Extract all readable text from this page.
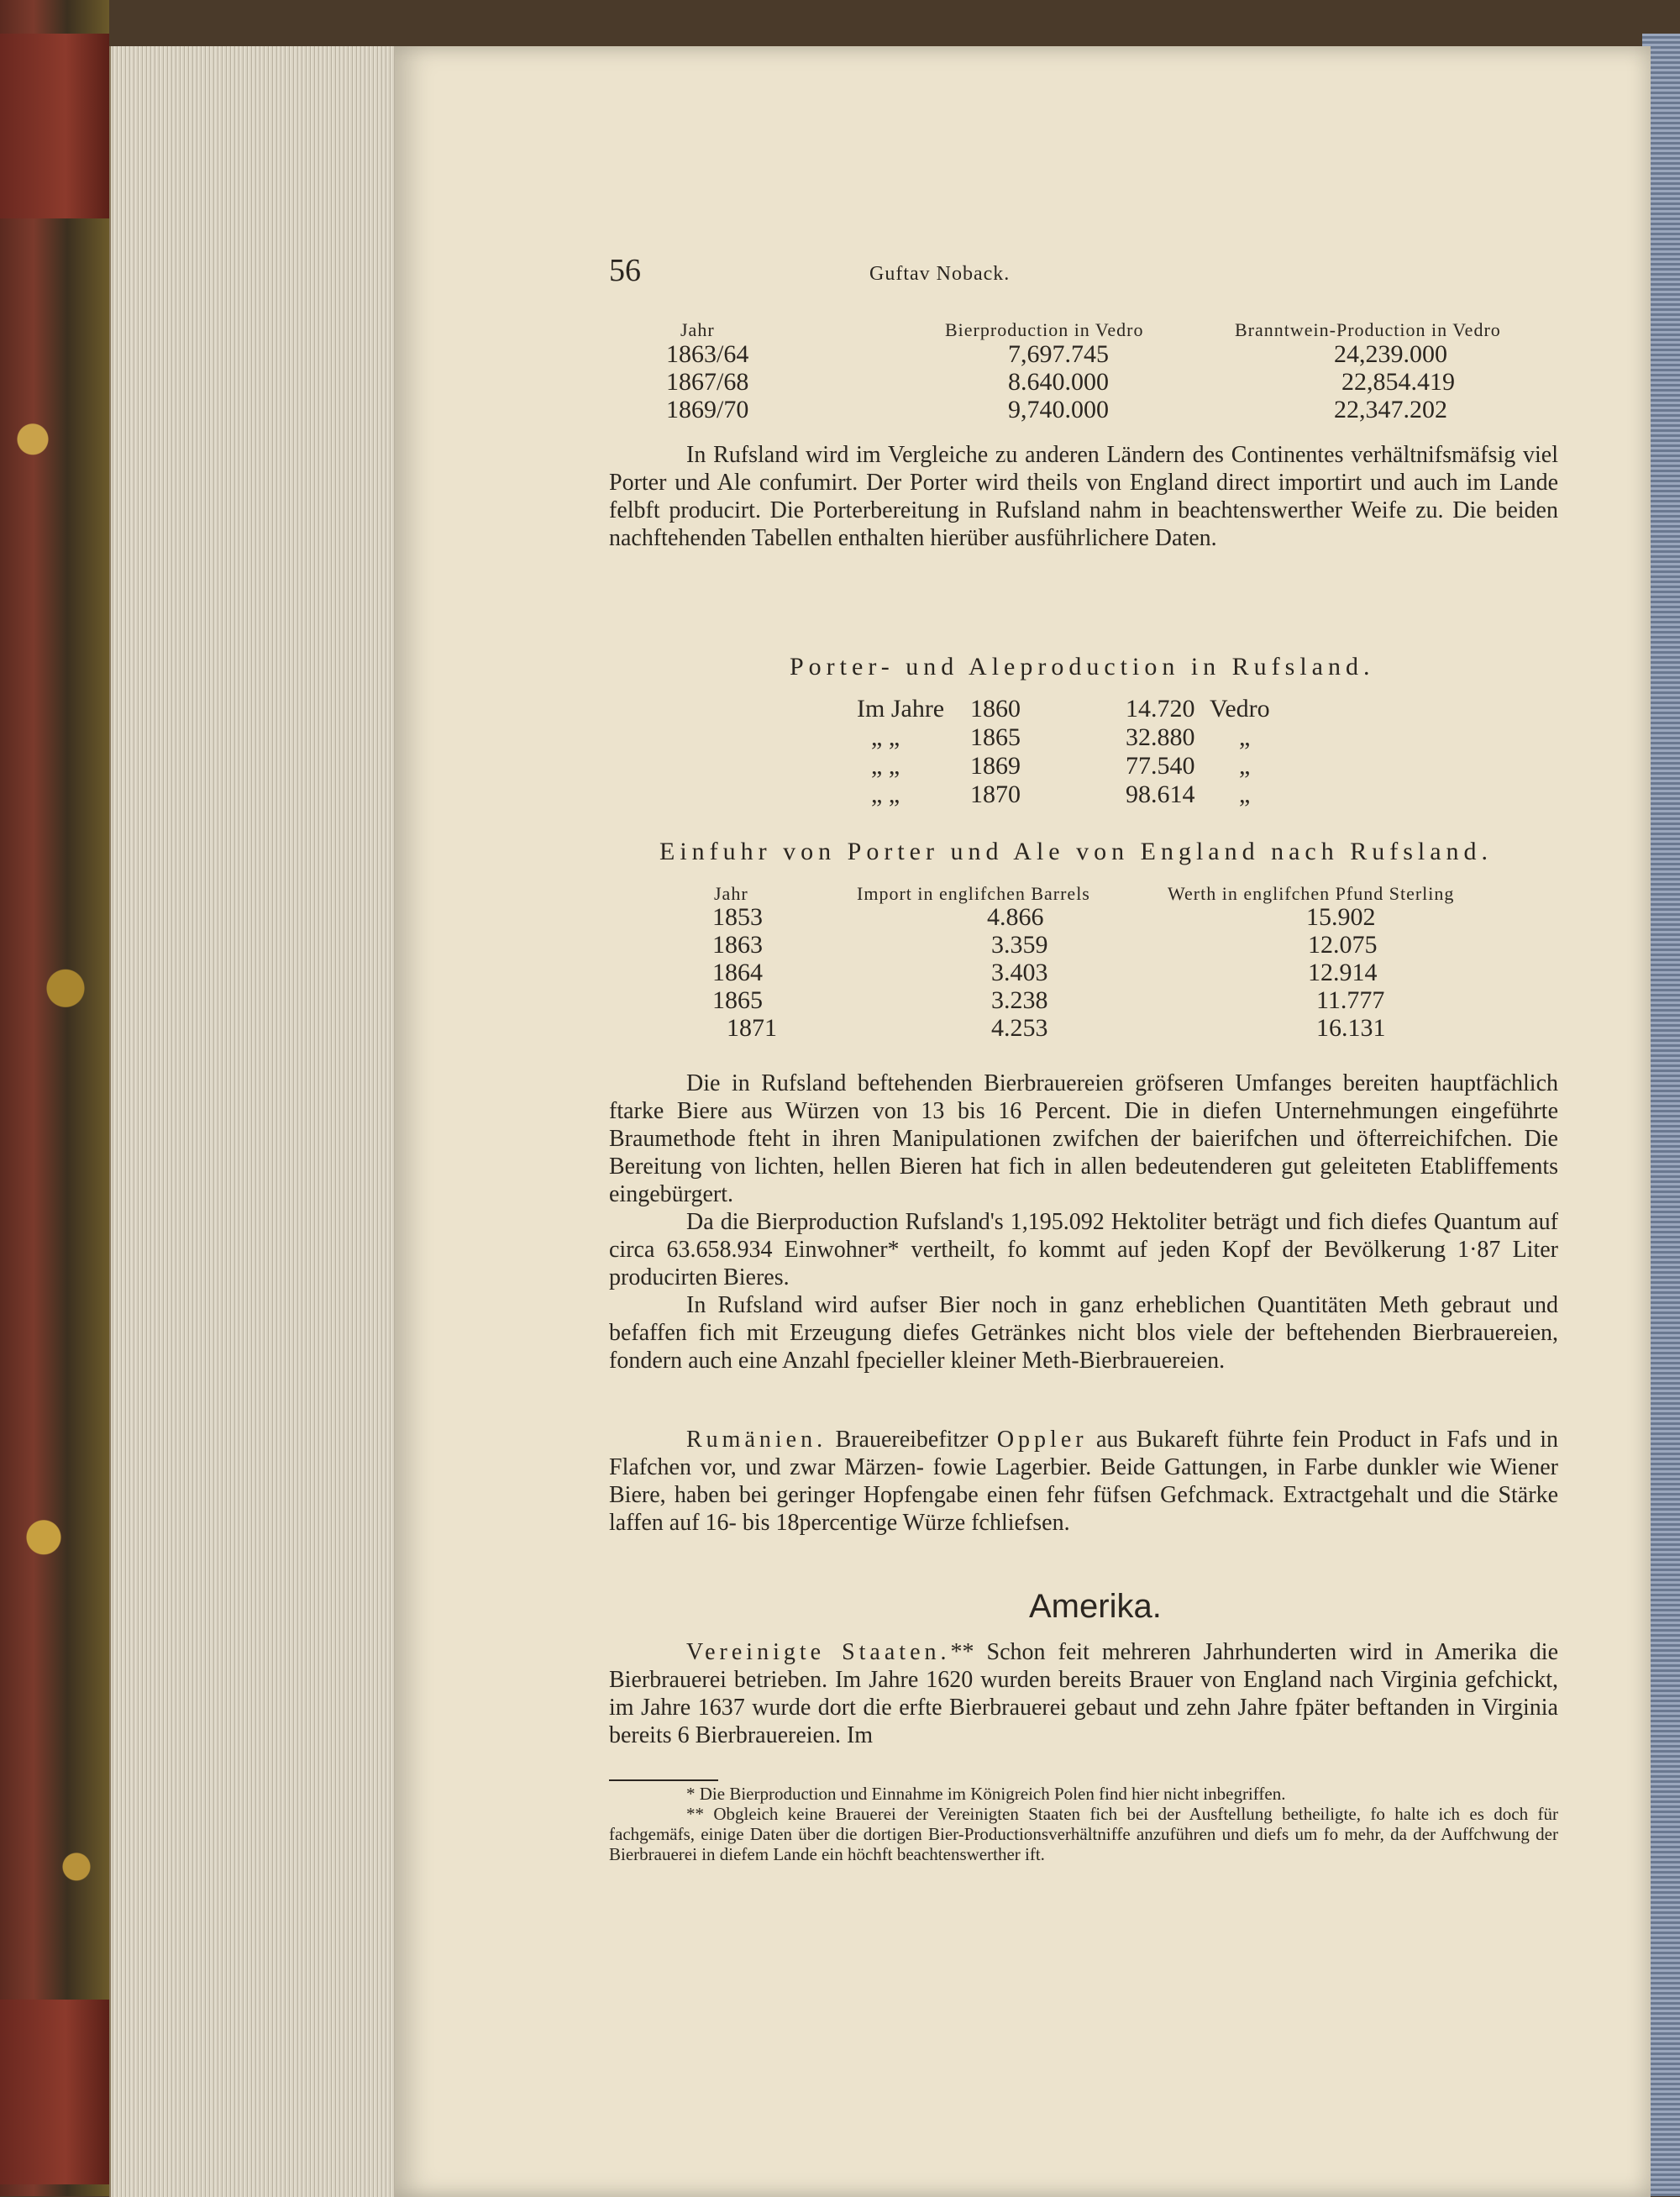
56	Guftav Noback.
Jahr	Bierproduction in Vedro	Branntwein-Production in Vedro
1863/64	7,697.745	24,239.000
1867/68	8.640.000	22,854.419
1869/70	9,740.000	22,347.202

In Rufsland wird im Vergleiche zu anderen Ländern des Continentes verhältnifsmäfsig viel Porter und Ale confumirt. Der Porter wird theils von England direct importirt und auch im Lande felbft producirt. Die Porterbereitung in Rufsland nahm in beachtenswerther Weife zu. Die beiden nachftehenden Tabellen enthalten hierüber ausführlichere Daten.

Porter- und Aleproduction in Rufsland.
Im Jahre 1860	14.720 Vedro
„ „	1865	32.880 „
„ „	1869	77.540 „
„ „	1870	98.614 „
Einfuhr von Porter und Ale von England nach Rufsland.
Jahr	Import in englifchen Barrels	Werth in englifchen Pfund Sterling
1853	4.866	15.902
1863	3.359	12.075
1864	3.403	12.914
1865	3.238	11.777
1871	4.253	16.131

Die in Rufsland beftehenden Bierbrauereien gröfseren Umfanges bereiten hauptfächlich ftarke Biere aus Würzen von 13 bis 16 Percent. Die in diefen Unternehmungen eingeführte Braumethode fteht in ihren Manipulationen zwifchen der baierifchen und öfterreichifchen. Die Bereitung von lichten, hellen Bieren hat fich in allen bedeutenderen gut geleiteten Etabliffements eingebürgert.

Da die Bierproduction Rufsland's 1,195.092 Hektoliter beträgt und fich diefes Quantum auf circa 63.658.934 Einwohner* vertheilt, fo kommt auf jeden Kopf der Bevölkerung 1·87 Liter producirten Bieres.

In Rufsland wird aufser Bier noch in ganz erheblichen Quantitäten Meth gebraut und befaffen fich mit Erzeugung diefes Getränkes nicht blos viele der beftehenden Bierbrauereien, fondern auch eine Anzahl fpecieller kleiner Meth-Bierbrauereien.

Rumänien. Brauereibefitzer Oppler aus Bukareft führte fein Product in Fafs und in Flafchen vor, und zwar Märzen- fowie Lagerbier. Beide Gattungen, in Farbe dunkler wie Wiener Biere, haben bei geringer Hopfengabe einen fehr füfsen Gefchmack. Extractgehalt und die Stärke laffen auf 16- bis 18percentige Würze fchliefsen.

Amerika.

Vereinigte Staaten.** Schon feit mehreren Jahrhunderten wird in Amerika die Bierbrauerei betrieben. Im Jahre 1620 wurden bereits Brauer von England nach Virginia gefchickt, im Jahre 1637 wurde dort die erfte Bierbrauerei gebaut und zehn Jahre fpäter beftanden in Virginia bereits 6 Bierbrauereien. Im

* Die Bierproduction und Einnahme im Königreich Polen find hier nicht inbegriffen.

** Obgleich keine Brauerei der Vereinigten Staaten fich bei der Ausftellung betheiligte, fo halte ich es doch für fachgemäfs, einige Daten über die dortigen Bier-Productionsverhältniffe anzuführen und diefs um fo mehr, da der Auffchwung der Bierbrauerei in diefem Lande ein höchft beachtenswerther ift.
